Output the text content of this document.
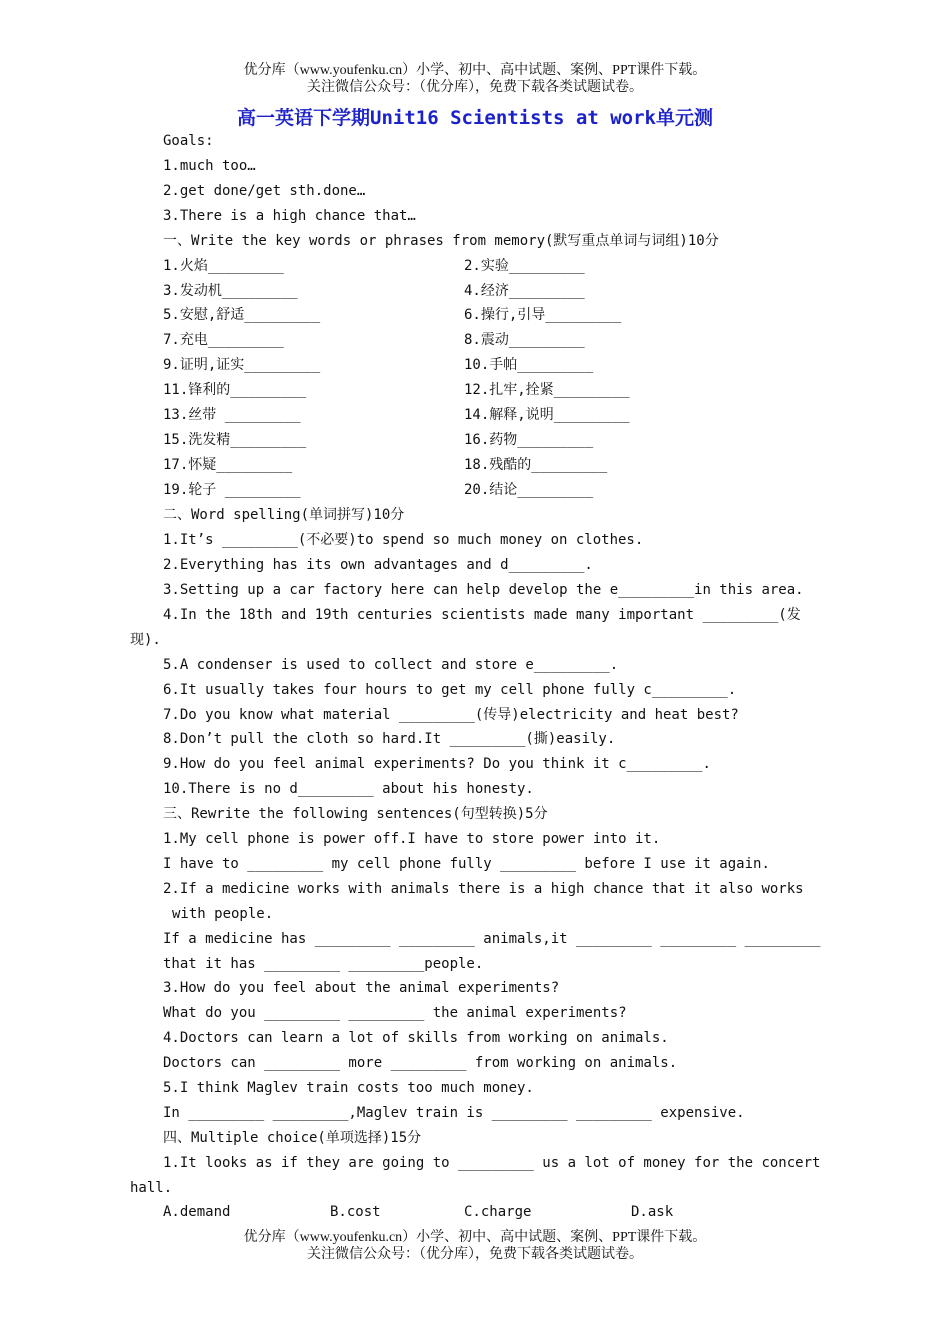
优分库（www.youfenku.cn）小学、初中、高中试题、案例、PPT课件下载。
关注微信公众号：（优分库），免费下载各类试题试卷。
高一英语下学期Unit16 Scientists at work单元测
Goals:
1.much too…
2.get done/get sth.done…
3.There is a high chance that…
一、Write the key words or phrases from memory(默写重点单词与词组)10分
1.火焰_________	2.实验_________
3.发动机_________	4.经济_________
5.安慰,舒适_________	6.操行,引导_________
7.充电_________	8.震动_________
9.证明,证实_________	10.手帕_________
11.锋利的_________	12.扎牢,拴紧_________
13.丝带 _________	14.解释,说明_________
15.洗发精_________	16.药物_________
17.怀疑_________	18.残酷的_________
19.轮子 _________	20.结论_________
二、Word spelling(单词拼写)10分
1.It’s _________(不必要)to spend so much money on clothes.
2.Everything has its own advantages and d_________.
3.Setting up a car factory here can help develop the e_________in this area.
4.In the 18th and 19th centuries scientists made many important _________(发
现).
5.A condenser is used to collect and store e_________.
6.It usually takes four hours to get my cell phone fully c_________.
7.Do you know what material _________(传导)electricity and heat best?
8.Don’t pull the cloth so hard.It _________(撕)easily.
9.How do you feel animal experiments? Do you think it c_________.
10.There is no d_________ about his honesty.
三、Rewrite the following sentences(句型转换)5分
1.My cell phone is power off.I have to store power into it.
I have to _________ my cell phone fully _________ before I use it again.
2.If a medicine works with animals there is a high chance that it also works
with people.
If a medicine has _________ _________ animals,it _________ _________ _________
that it has _________ _________people.
3.How do you feel about the animal experiments?
What do you _________ _________ the animal experiments?
4.Doctors can learn a lot of skills from working on animals.
Doctors can _________ more _________ from working on animals.
5.I think Maglev train costs too much money.
In _________ _________,Maglev train is _________ _________ expensive.
四、Multiple choice(单项选择)15分
1.It looks as if they are going to _________ us a lot of money for the concert
hall.
A.demand	B.cost	C.charge	D.ask
优分库（www.youfenku.cn）小学、初中、高中试题、案例、PPT课件下载。
关注微信公众号：（优分库），免费下载各类试题试卷。
